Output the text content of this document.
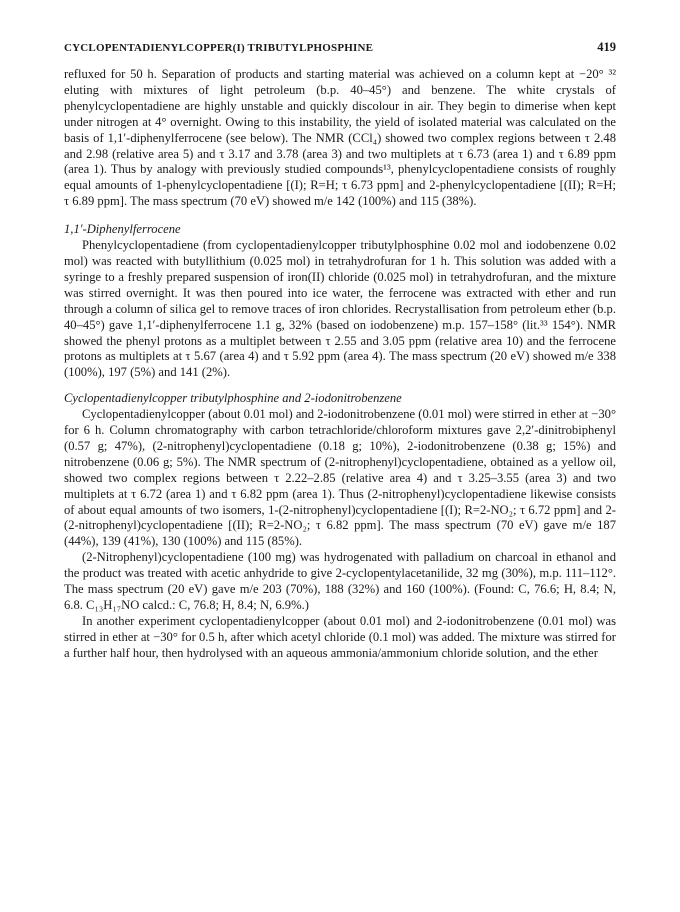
CYCLOPENTADIENYLCOPPER(I) TRIBUTYLPHOSPHINE	419

refluxed for 50 h. Separation of products and starting material was achieved on a column kept at −20° ³² eluting with mixtures of light petroleum (b.p. 40–45°) and benzene. The white crystals of phenylcyclopentadiene are highly unstable and quickly discolour in air. They begin to dimerise when kept under nitrogen at 4° overnight. Owing to this instability, the yield of isolated material was calculated on the basis of 1,1′-diphenylferrocene (see below). The NMR (CCl₄) showed two complex regions between τ 2.48 and 2.98 (relative area 5) and τ 3.17 and 3.78 (area 3) and two multiplets at τ 6.73 (area 1) and τ 6.89 ppm (area 1). Thus by analogy with previously studied compounds¹³, phenylcyclopentadiene consists of roughly equal amounts of 1-phenylcyclopentadiene [(I); R=H; τ 6.73 ppm] and 2-phenylcyclopentadiene [(II); R=H; τ 6.89 ppm]. The mass spectrum (70 eV) showed m/e 142 (100%) and 115 (38%).

1,1′-Diphenylferrocene

Phenylcyclopentadiene (from cyclopentadienylcopper tributylphosphine 0.02 mol and iodobenzene 0.02 mol) was reacted with butyllithium (0.025 mol) in tetrahydrofuran for 1 h. This solution was added with a syringe to a freshly prepared suspension of iron(II) chloride (0.025 mol) in tetrahydrofuran, and the mixture was stirred overnight. It was then poured into ice water, the ferrocene was extracted with ether and run through a column of silica gel to remove traces of iron chlorides. Recrystallisation from petroleum ether (b.p. 40–45°) gave 1,1′-diphenylferrocene 1.1 g, 32% (based on iodobenzene) m.p. 157–158° (lit.³³ 154°). NMR showed the phenyl protons as a multiplet between τ 2.55 and 3.05 ppm (relative area 10) and the ferrocene protons as multiplets at τ 5.67 (area 4) and τ 5.92 ppm (area 4). The mass spectrum (20 eV) showed m/e 338 (100%), 197 (5%) and 141 (2%).

Cyclopentadienylcopper tributylphosphine and 2-iodonitrobenzene

Cyclopentadienylcopper (about 0.01 mol) and 2-iodonitrobenzene (0.01 mol) were stirred in ether at −30° for 6 h. Column chromatography with carbon tetrachloride/chloroform mixtures gave 2,2′-dinitrobiphenyl (0.57 g; 47%), (2-nitrophenyl)cyclopentadiene (0.18 g; 10%), 2-iodonitrobenzene (0.38 g; 15%) and nitrobenzene (0.06 g; 5%). The NMR spectrum of (2-nitrophenyl)cyclopentadiene, obtained as a yellow oil, showed two complex regions between τ 2.22–2.85 (relative area 4) and τ 3.25–3.55 (area 3) and two multiplets at τ 6.72 (area 1) and τ 6.82 ppm (area 1). Thus (2-nitrophenyl)cyclopentadiene likewise consists of about equal amounts of two isomers, 1-(2-nitrophenyl)cyclopentadiene [(I); R=2-NO₂; τ 6.72 ppm] and 2-(2-nitrophenyl)cyclopentadiene [(II); R=2-NO₂; τ 6.82 ppm]. The mass spectrum (70 eV) gave m/e 187 (44%), 139 (41%), 130 (100%) and 115 (85%).

(2-Nitrophenyl)cyclopentadiene (100 mg) was hydrogenated with palladium on charcoal in ethanol and the product was treated with acetic anhydride to give 2-cyclopentylacetanilide, 32 mg (30%), m.p. 111–112°. The mass spectrum (20 eV) gave m/e 203 (70%), 188 (32%) and 160 (100%). (Found: C, 76.6; H, 8.4; N, 6.8. C₁₃H₁₇NO calcd.: C, 76.8; H, 8.4; N, 6.9%.)

In another experiment cyclopentadienylcopper (about 0.01 mol) and 2-iodonitrobenzene (0.01 mol) was stirred in ether at −30° for 0.5 h, after which acetyl chloride (0.1 mol) was added. The mixture was stirred for a further half hour, then hydrolysed with an aqueous ammonia/ammonium chloride solution, and the ether
